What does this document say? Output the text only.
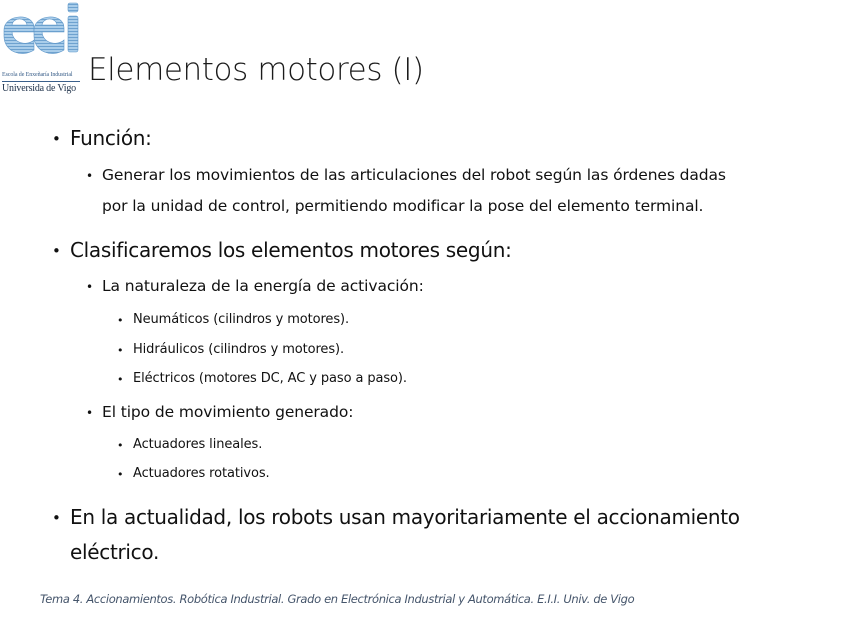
Escola de Enxeñaría Industrial
Universida de Vigo
Elementos motores (I)
• Función:
• Generar los movimientos de las articulaciones del robot según las órdenes dadas
por la unidad de control, permitiendo modificar la pose del elemento terminal.
• Clasificaremos los elementos motores según:
• La naturaleza de la energía de activación:
• Neumáticos (cilindros y motores).
• Hidráulicos (cilindros y motores).
• Eléctricos (motores DC, AC y paso a paso).
• El tipo de movimiento generado:
• Actuadores lineales.
• Actuadores rotativos.
• En la actualidad, los robots usan mayoritariamente el accionamiento
eléctrico.
Tema 4. Accionamientos. Robótica Industrial. Grado en Electrónica Industrial y Automática. E.I.I. Univ. de Vigo
